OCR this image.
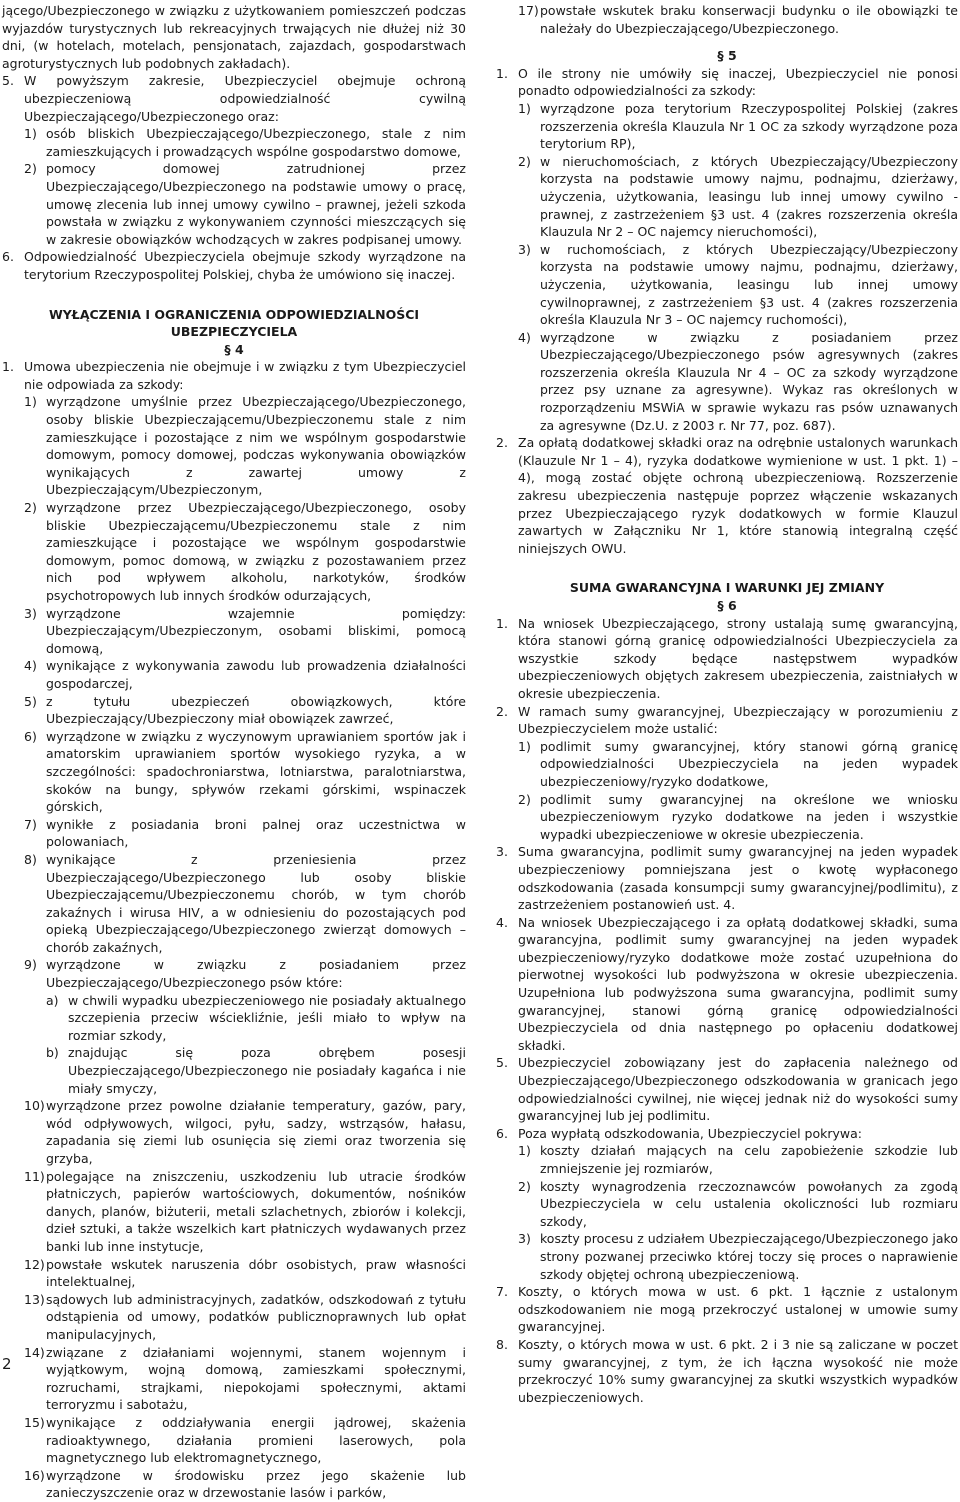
jącego/Ubezpieczonego w związku z użytkowaniem pomieszczeń podczas wyjazdów turystycznych lub rekreacyjnych trwających nie dłużej niż 30 dni, (w hotelach, motelach, pensjonatach, zajazdach, gospodarstwach agroturystycznych lub podobnych zakładach).

5. W powyższym zakresie, Ubezpieczyciel obejmuje ochroną ubezpieczeniową odpowiedzialność cywilną Ubezpieczającego/Ubezpieczonego oraz:
1) osób bliskich Ubezpieczającego/Ubezpieczonego, stale z nim zamieszkujących i prowadzących wspólne gospodarstwo domowe,
2) pomocy domowej zatrudnionej przez Ubezpieczającego/Ubezpieczonego na podstawie umowy o pracę, umowę zlecenia lub innej umowy cywilno – prawnej, jeżeli szkoda powstała w związku z wykonywaniem czynności mieszczących się w zakresie obowiązków wchodzących w zakres podpisanej umowy.
6. Odpowiedzialność Ubezpieczyciela obejmuje szkody wyrządzone na terytorium Rzeczypospolitej Polskiej, chyba że umówiono się inaczej.

WYŁĄCZENIA I OGRANICZENIA ODPOWIEDZIALNOŚCI UBEZPIECZYCIELA

§ 4

1. Umowa ubezpieczenia nie obejmuje i w związku z tym Ubezpieczyciel nie odpowiada za szkody:
1) wyrządzone umyślnie przez Ubezpieczającego/Ubezpieczonego, osoby bliskie Ubezpieczającemu/Ubezpieczonemu stale z nim zamieszkujące i pozostające z nim we wspólnym gospodarstwie domowym, pomocy domowej, podczas wykonywania obowiązków wynikających z zawartej umowy z Ubezpieczającym/Ubezpieczonym,
2) wyrządzone przez Ubezpieczającego/Ubezpieczonego, osoby bliskie Ubezpieczającemu/Ubezpieczonemu stale z nim zamieszkujące i pozostające we wspólnym gospodarstwie domowym, pomoc domową, w związku z pozostawaniem przez nich pod wpływem alkoholu, narkotyków, środków psychotropowych lub innych środków odurzających,
3) wyrządzone wzajemnie pomiędzy: Ubezpieczającym/Ubezpieczonym, osobami bliskimi, pomocą domową,
4) wynikające z wykonywania zawodu lub prowadzenia działalności gospodarczej,
5) z tytułu ubezpieczeń obowiązkowych, które Ubezpieczający/Ubezpieczony miał obowiązek zawrzeć,
6) wyrządzone w związku z wyczynowym uprawianiem sportów jak i amatorskim uprawianiem sportów wysokiego ryzyka, a w szczególności: spadochroniarstwa, lotniarstwa, paralotniarstwa, skoków na bungy, spływów rzekami górskimi, wspinaczek górskich,
7) wynikłe z posiadania broni palnej oraz uczestnictwa w polowaniach,
8) wynikające z przeniesienia przez Ubezpieczającego/Ubezpieczonego lub osoby bliskie Ubezpieczającemu/Ubezpieczonemu chorób, w tym chorób zakaźnych i wirusa HIV, a w odniesieniu do pozostających pod opieką Ubezpieczającego/Ubezpieczonego zwierząt domowych – chorób zakaźnych,
9) wyrządzone w związku z posiadaniem przez Ubezpieczającego/Ubezpieczonego psów które:
a) w chwili wypadku ubezpieczeniowego nie posiadały aktualnego szczepienia przeciw wściekliźnie, jeśli miało to wpływ na rozmiar szkody,
b) znajdując się poza obrębem posesji Ubezpieczającego/Ubezpieczonego nie posiadały kagańca i nie miały smyczy,
10) wyrządzone przez powolne działanie temperatury, gazów, pary, wód odpływowych, wilgoci, pyłu, sadzy, wstrząsów, hałasu, zapadania się ziemi lub osunięcia się ziemi oraz tworzenia się grzyba,
11) polegające na zniszczeniu, uszkodzeniu lub utracie środków płatniczych, papierów wartościowych, dokumentów, nośników danych, planów, biżuterii, metali szlachetnych, zbiorów i kolekcji, dzieł sztuki, a także wszelkich kart płatniczych wydawanych przez banki lub inne instytucje,
12) powstałe wskutek naruszenia dóbr osobistych, praw własności intelektualnej,
13) sądowych lub administracyjnych, zadatków, odszkodowań z tytułu odstąpienia od umowy, podatków publicznoprawnych lub opłat manipulacyjnych,
14) związane z działaniami wojennymi, stanem wojennym i wyjątkowym, wojną domową, zamieszkami społecznymi, rozruchami, strajkami, niepokojami społecznymi, aktami terroryzmu i sabotażu,
15) wynikające z oddziaływania energii jądrowej, skażenia radioaktywnego, działania promieni laserowych, pola magnetycznego lub elektromagnetycznego,
16) wyrządzone w środowisku przez jego skażenie lub zanieczyszczenie oraz w drzewostanie lasów i parków,
17) powstałe wskutek braku konserwacji budynku o ile obowiązki te należały do Ubezpieczającego/Ubezpieczonego.

§ 5

1. O ile strony nie umówiły się inaczej, Ubezpieczyciel nie ponosi ponadto odpowiedzialności za szkody:
1) wyrządzone poza terytorium Rzeczypospolitej Polskiej (zakres rozszerzenia określa Klauzula Nr 1 OC za szkody wyrządzone poza terytorium RP),
2) w nieruchomościach, z których Ubezpieczający/Ubezpieczony korzysta na podstawie umowy najmu, podnajmu, dzierżawy, użyczenia, użytkowania, leasingu lub innej umowy cywilno - prawnej, z zastrzeżeniem §3 ust. 4 (zakres rozszerzenia określa Klauzula Nr 2 – OC najemcy nieruchomości),
3) w ruchomościach, z których Ubezpieczający/Ubezpieczony korzysta na podstawie umowy najmu, podnajmu, dzierżawy, użyczenia, użytkowania, leasingu lub innej umowy cywilnoprawnej, z zastrzeżeniem §3 ust. 4 (zakres rozszerzenia określa Klauzula Nr 3 – OC najemcy ruchomości),
4) wyrządzone w związku z posiadaniem przez Ubezpieczającego/Ubezpieczonego psów agresywnych (zakres rozszerzenia określa Klauzula Nr 4 – OC za szkody wyrządzone przez psy uznane za agresywne). Wykaz ras określonych w rozporządzeniu MSWiA w sprawie wykazu ras psów uznawanych za agresywne (Dz.U. z 2003 r. Nr 77, poz. 687).
2. Za opłatą dodatkowej składki oraz na odrębnie ustalonych warunkach (Klauzule Nr 1 – 4), ryzyka dodatkowe wymienione w ust. 1 pkt. 1) – 4), mogą zostać objęte ochroną ubezpieczeniową. Rozszerzenie zakresu ubezpieczenia następuje poprzez włączenie wskazanych przez Ubezpieczającego ryzyk dodatkowych w formie Klauzul zawartych w Załączniku Nr 1, które stanowią integralną część niniejszych OWU.

SUMA GWARANCYJNA I WARUNKI JEJ ZMIANY

§ 6

1. Na wniosek Ubezpieczającego, strony ustalają sumę gwarancyjną, która stanowi górną granicę odpowiedzialności Ubezpieczyciela za wszystkie szkody będące następstwem wypadków ubezpieczeniowych objętych zakresem ubezpieczenia, zaistniałych w okresie ubezpieczenia.
2. W ramach sumy gwarancyjnej, Ubezpieczający w porozumieniu z Ubezpieczycielem może ustalić:
1) podlimit sumy gwarancyjnej, który stanowi górną granicę odpowiedzialności Ubezpieczyciela na jeden wypadek ubezpieczeniowy/ryzyko dodatkowe,
2) podlimit sumy gwarancyjnej na określone we wniosku ubezpieczeniowym ryzyko dodatkowe na jeden i wszystkie wypadki ubezpieczeniowe w okresie ubezpieczenia.
3. Suma gwarancyjna, podlimit sumy gwarancyjnej na jeden wypadek ubezpieczeniowy pomniejszana jest o kwotę wypłaconego odszkodowania (zasada konsumpcji sumy gwarancyjnej/podlimitu), z zastrzeżeniem postanowień ust. 4.
4. Na wniosek Ubezpieczającego i za opłatą dodatkowej składki, suma gwarancyjna, podlimit sumy gwarancyjnej na jeden wypadek ubezpieczeniowy/ryzyko dodatkowe może zostać uzupełniona do pierwotnej wysokości lub podwyższona w okresie ubezpieczenia. Uzupełniona lub podwyższona suma gwarancyjna, podlimit sumy gwarancyjnej, stanowi górną granicę odpowiedzialności Ubezpieczyciela od dnia następnego po opłaceniu dodatkowej składki.
5. Ubezpieczyciel zobowiązany jest do zapłacenia należnego od Ubezpieczającego/Ubezpieczonego odszkodowania w granicach jego odpowiedzialności cywilnej, nie więcej jednak niż do wysokości sumy gwarancyjnej lub jej podlimitu.
6. Poza wypłatą odszkodowania, Ubezpieczyciel pokrywa:
1) koszty działań mających na celu zapobieżenie szkodzie lub zmniejszenie jej rozmiarów,
2) koszty wynagrodzenia rzeczoznawców powołanych za zgodą Ubezpieczyciela w celu ustalenia okoliczności lub rozmiaru szkody,
3) koszty procesu z udziałem Ubezpieczającego/Ubezpieczonego jako strony pozwanej przeciwko której toczy się proces o naprawienie szkody objętej ochroną ubezpieczeniową.
7. Koszty, o których mowa w ust. 6 pkt. 1 łącznie z ustalonym odszkodowaniem nie mogą przekroczyć ustalonej w umowie sumy gwarancyjnej.
8. Koszty, o których mowa w ust. 6 pkt. 2 i 3 nie są zaliczane w poczet sumy gwarancyjnej, z tym, że ich łączna wysokość nie może przekroczyć 10% sumy gwarancyjnej za skutki wszystkich wypadków ubezpieczeniowych.
2
